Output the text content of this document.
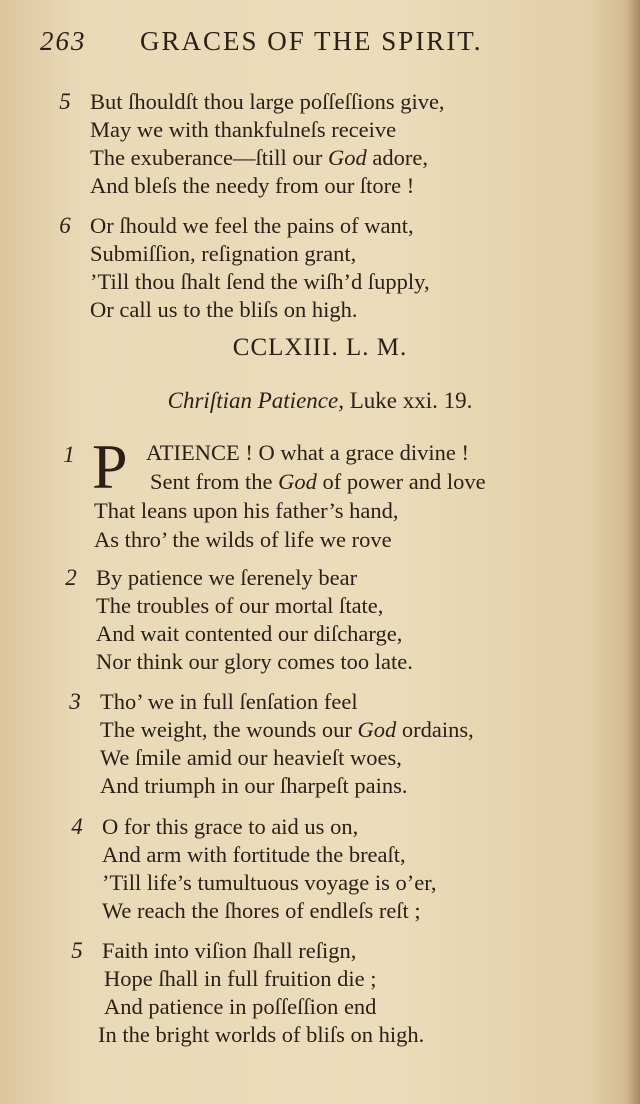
263 GRACES OF THE SPIRIT.
5 But ſhouldſt thou large poſſeſſions give,
May we with thankfulneſs receive
The exuberance—ſtill our God adore,
And bleſs the needy from our ſtore !
6 Or ſhould we feel the pains of want,
Submiſſion, reſignation grant,
’Till thou ſhalt ſend the wiſh’d ſupply,
Or call us to the bliſs on high.
CCLXIII. L. M.
Chriſtian Patience, Luke xxi. 19.
1 P ATIENCE ! O what a grace divine !
Sent from the God of power and love
That leans upon his father’s hand,
As thro’ the wilds of life we rove
2 By patience we ſerenely bear
The troubles of our mortal ſtate,
And wait contented our diſcharge,
Nor think our glory comes too late.
3 Tho’ we in full ſenſation feel
The weight, the wounds our God ordains,
We ſmile amid our heavieſt woes,
And triumph in our ſharpeſt pains.
4 O for this grace to aid us on,
And arm with fortitude the breaſt,
’Till life’s tumultuous voyage is o’er,
We reach the ſhores of endleſs reſt ;
5 Faith into viſion ſhall reſign,
Hope ſhall in full fruition die ;
And patience in poſſeſſion end
In the bright worlds of bliſs on high.
